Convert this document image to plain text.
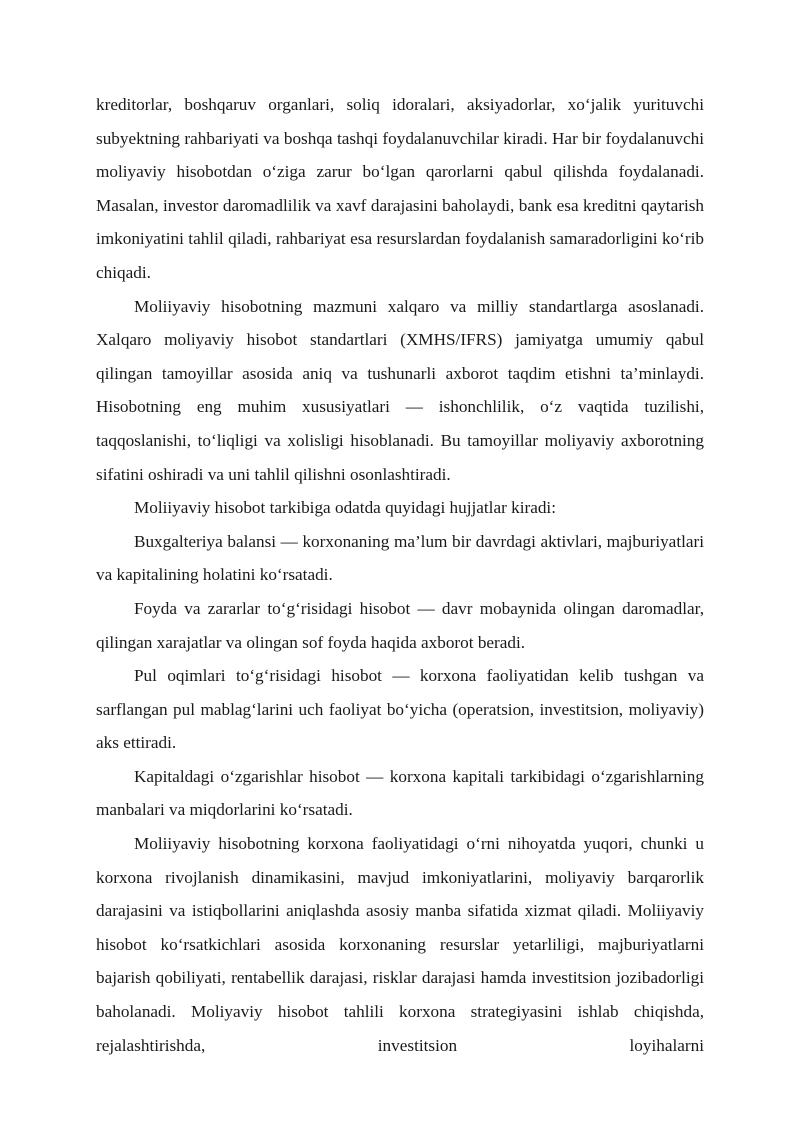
kreditorlar, boshqaruv organlari, soliq idoralari, aksiyadorlar, xo‘jalik yurituvchi subyektning rahbariyati va boshqa tashqi foydalanuvchilar kiradi. Har bir foydalanuvchi moliyaviy hisobotdan o‘ziga zarur bo‘lgan qarorlarni qabul qilishda foydalanadi. Masalan, investor daromadlilik va xavf darajasini baholaydi, bank esa kreditni qaytarish imkoniyatini tahlil qiladi, rahbariyat esa resurslardan foydalanish samaradorligini ko‘rib chiqadi.

Moliiyaviy hisobotning mazmuni xalqaro va milliy standartlarga asoslanadi. Xalqaro moliyaviy hisobot standartlari (XMHS/IFRS) jamiyatga umumiy qabul qilingan tamoyillar asosida aniq va tushunarli axborot taqdim etishni ta’minlaydi. Hisobotning eng muhim xususiyatlari — ishonchlilik, o‘z vaqtida tuzilishi, taqqoslanishi, to‘liqligi va xolisligi hisoblanadi. Bu tamoyillar moliyaviy axborotning sifatini oshiradi va uni tahlil qilishni osonlashtiradi.

Moliiyaviy hisobot tarkibiga odatda quyidagi hujjatlar kiradi:

Buxgalteriya balansi — korxonaning ma’lum bir davrdagi aktivlari, majburiyatlari va kapitalining holatini ko‘rsatadi.

Foyda va zararlar to‘g‘risidagi hisobot — davr mobaynida olingan daromadlar, qilingan xarajatlar va olingan sof foyda haqida axborot beradi.

Pul oqimlari to‘g‘risidagi hisobot — korxona faoliyatidan kelib tushgan va sarflangan pul mablag‘larini uch faoliyat bo‘yicha (operatsion, investitsion, moliyaviy) aks ettiradi.

Kapitaldagi o‘zgarishlar hisobot — korxona kapitali tarkibidagi o‘zgarishlarning manbalari va miqdorlarini ko‘rsatadi.

Moliiyaviy hisobotning korxona faoliyatidagi o‘rni nihoyatda yuqori, chunki u korxona rivojlanish dinamikasini, mavjud imkoniyatlarini, moliyaviy barqarorlik darajasini va istiqbollarini aniqlashda asosiy manba sifatida xizmat qiladi. Moliiyaviy hisobot ko‘rsatkichlari asosida korxonaning resurslar yetarliligi, majburiyatlarni bajarish qobiliyati, rentabellik darajasi, risklar darajasi hamda investitsion jozibadorligi baholanadi. Moliyaviy hisobot tahlili korxona strategiyasini ishlab chiqishda, rejalashtirishda, investitsion loyihalarni
